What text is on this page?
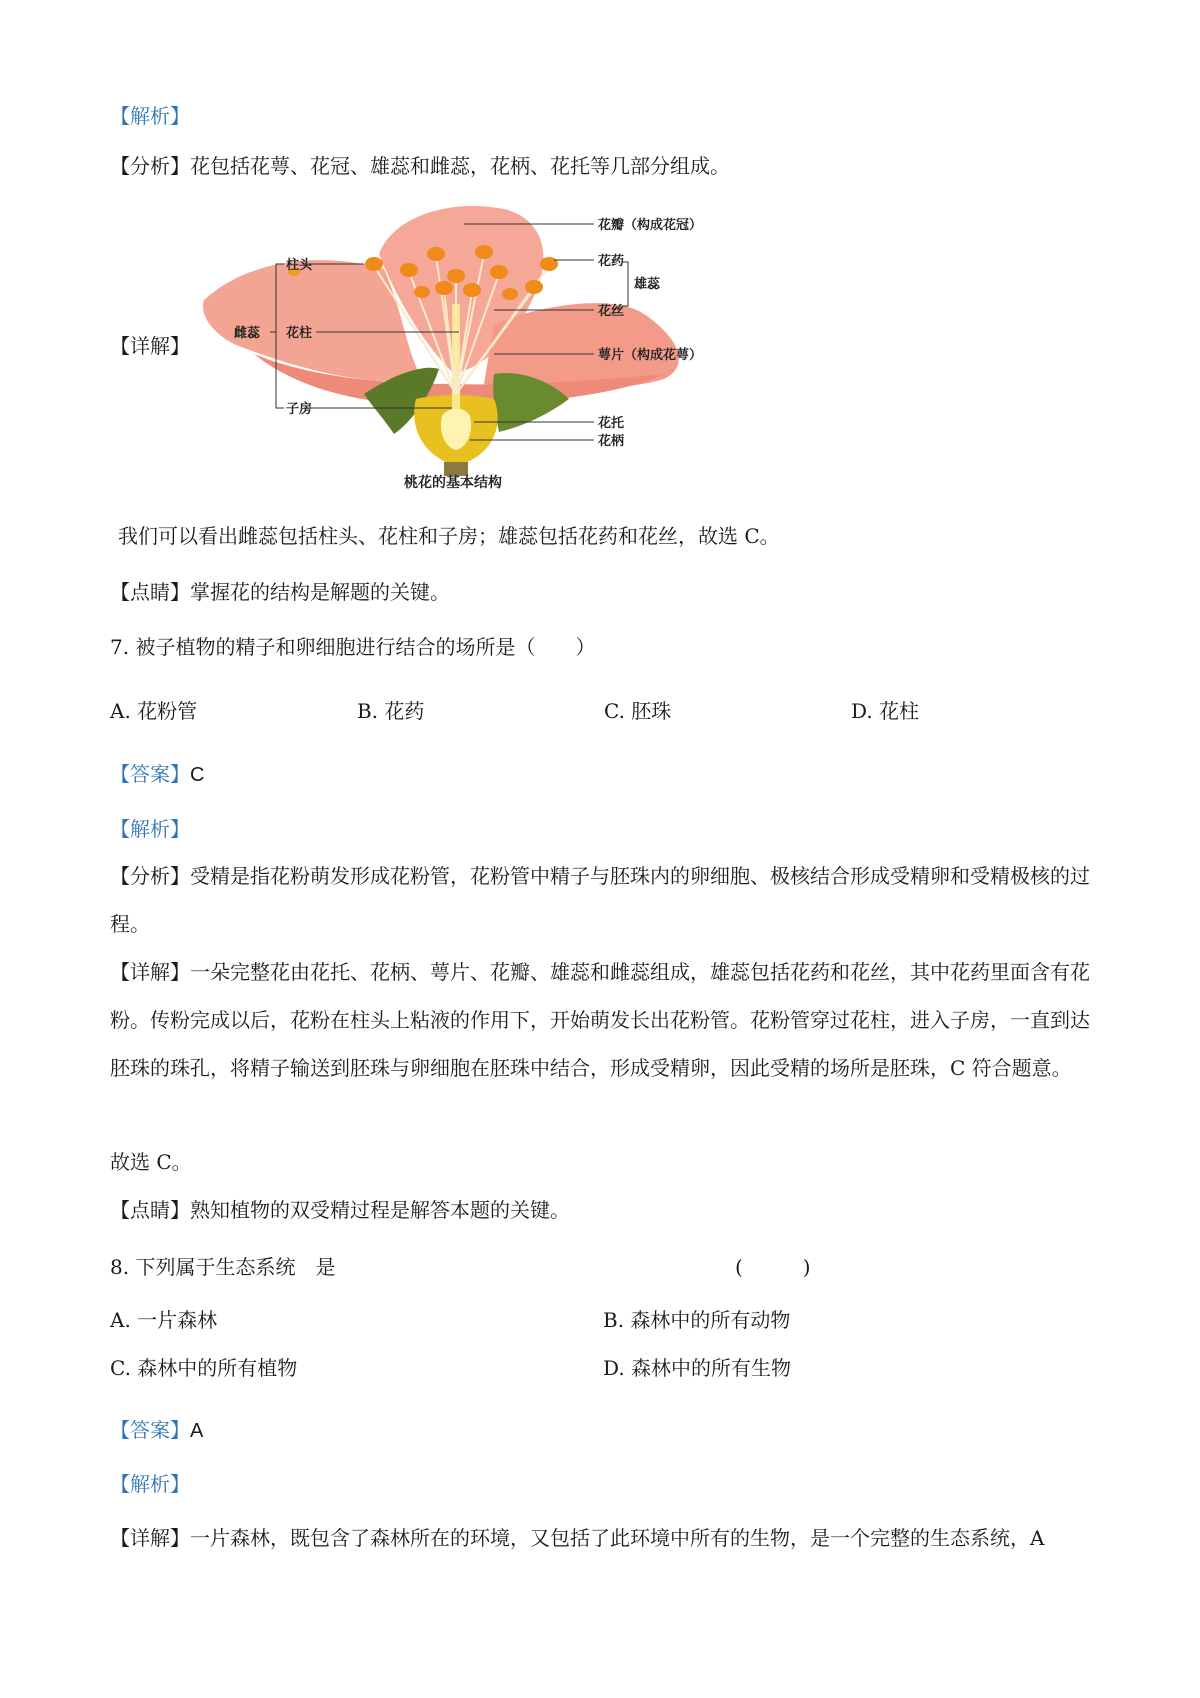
【解析】
【分析】花包括花萼、花冠、雄蕊和雌蕊，花柄、花托等几部分组成。
【详解】
花瓣（构成花冠）
花药
雄蕊
花丝
柱头
雌蕊 花柱
萼片（构成花萼）
子房
花托
花柄
桃花的基本结构
我们可以看出雌蕊包括柱头、花柱和子房；雄蕊包括花药和花丝，故选 C。
【点睛】掌握花的结构是解题的关键。
7. 被子植物的精子和卵细胞进行结合的场所是（　　）
A. 花粉管	B. 花药	C. 胚珠	D. 花柱
【答案】C
【解析】
【分析】受精是指花粉萌发形成花粉管，花粉管中精子与胚珠内的卵细胞、极核结合形成受精卵和受精极核的过程。
【详解】一朵完整花由花托、花柄、萼片、花瓣、雄蕊和雌蕊组成，雄蕊包括花药和花丝，其中花药里面含有花粉。传粉完成以后，花粉在柱头上粘液的作用下，开始萌发长出花粉管。花粉管穿过花柱，进入子房，一直到达胚珠的珠孔，将精子输送到胚珠与卵细胞在胚珠中结合，形成受精卵，因此受精的场所是胚珠，C 符合题意。
故选 C。
【点睛】熟知植物的双受精过程是解答本题的关键。
8. 下列属于生态系统　是	(　　　)
A. 一片森林	B. 森林中的所有动物
C. 森林中的所有植物	D. 森林中的所有生物
【答案】A
【解析】
【详解】一片森林，既包含了森林所在的环境，又包括了此环境中所有的生物，是一个完整的生态系统，A
